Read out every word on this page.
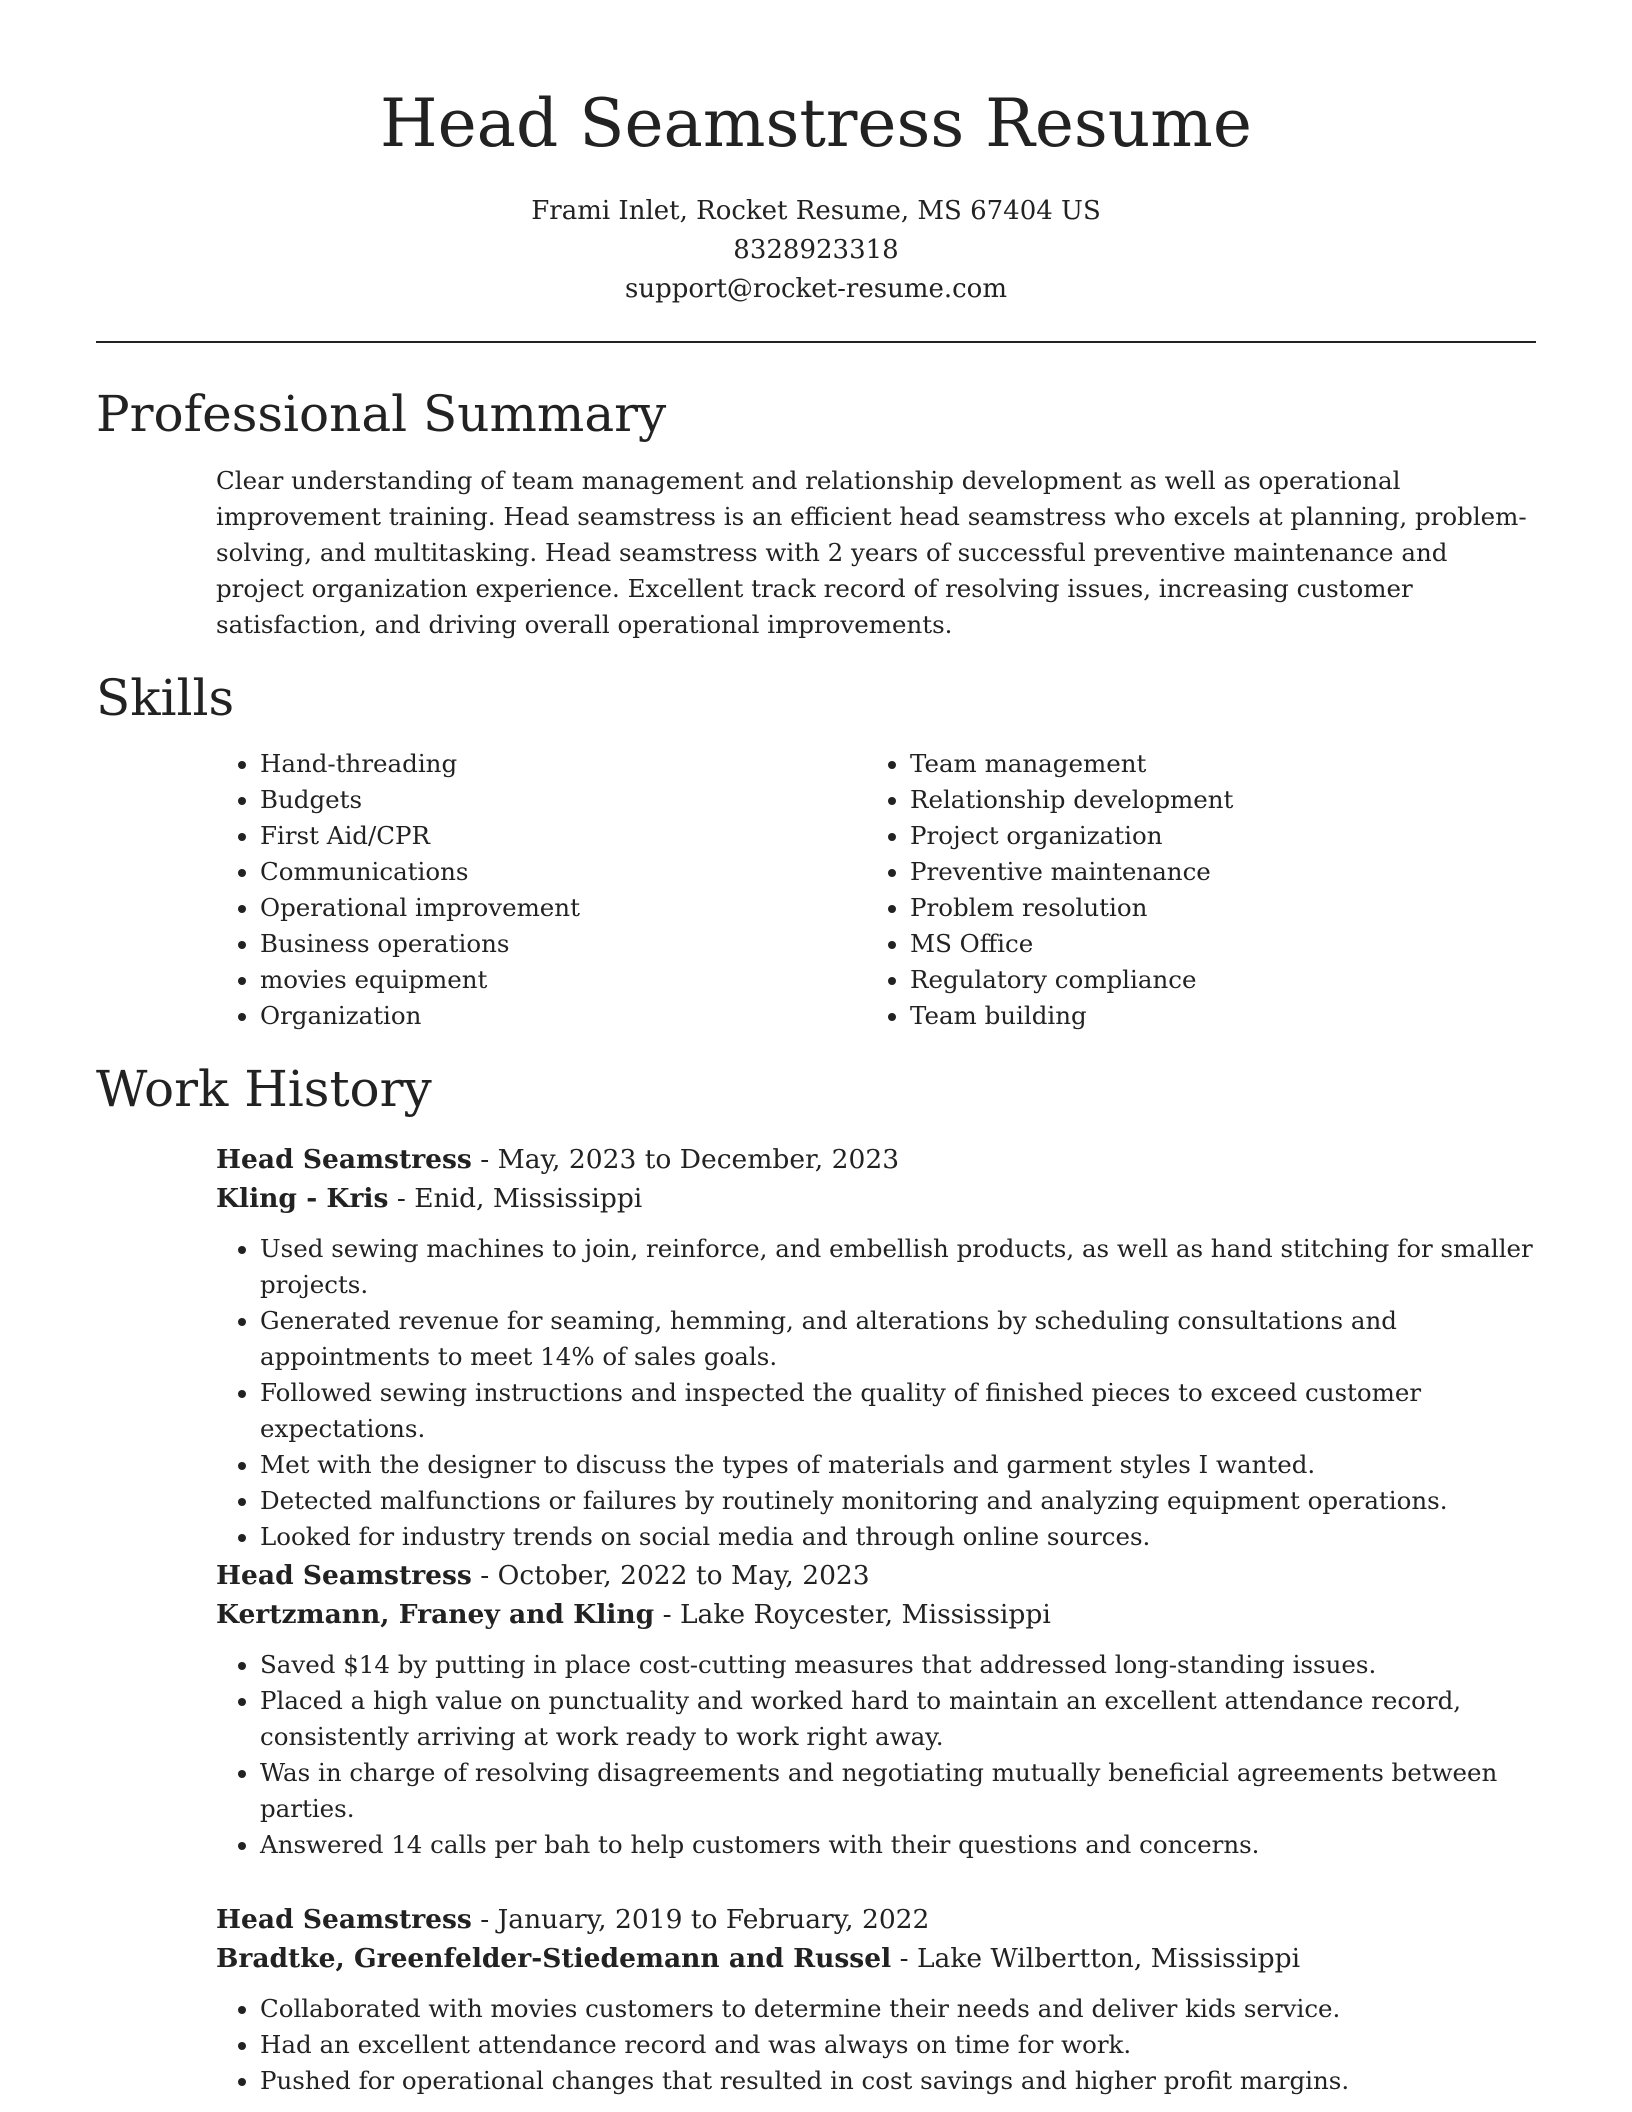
Head Seamstress Resume
Frami Inlet, Rocket Resume, MS 67404 US
8328923318
support@rocket-resume.com
Professional Summary

Clear understanding of team management and relationship development as well as operational improvement training. Head seamstress is an efficient head seamstress who excels at planning, problem-solving, and multitasking. Head seamstress with 2 years of successful preventive maintenance and project organization experience. Excellent track record of resolving issues, increasing customer satisfaction, and driving overall operational improvements.

Skills
• Hand-threading
• Budgets
• First Aid/CPR
• Communications
• Operational improvement
• Business operations
• movies equipment
• Organization
• Team management
• Relationship development
• Project organization
• Preventive maintenance
• Problem resolution
• MS Office
• Regulatory compliance
• Team building
Work History
Head Seamstress - May, 2023 to December, 2023
Kling - Kris - Enid, Mississippi
• Used sewing machines to join, reinforce, and embellish products, as well as hand stitching for smaller projects.
• Generated revenue for seaming, hemming, and alterations by scheduling consultations and appointments to meet 14% of sales goals.
• Followed sewing instructions and inspected the quality of finished pieces to exceed customer expectations.
• Met with the designer to discuss the types of materials and garment styles I wanted.
• Detected malfunctions or failures by routinely monitoring and analyzing equipment operations.
• Looked for industry trends on social media and through online sources.
Head Seamstress - October, 2022 to May, 2023
Kertzmann, Franey and Kling - Lake Roycester, Mississippi
• Saved $14 by putting in place cost-cutting measures that addressed long-standing issues.
• Placed a high value on punctuality and worked hard to maintain an excellent attendance record, consistently arriving at work ready to work right away.
• Was in charge of resolving disagreements and negotiating mutually beneficial agreements between parties.
• Answered 14 calls per bah to help customers with their questions and concerns.
Head Seamstress - January, 2019 to February, 2022
Bradtke, Greenfelder-Stiedemann and Russel - Lake Wilbertton, Mississippi
• Collaborated with movies customers to determine their needs and deliver kids service.
• Had an excellent attendance record and was always on time for work.
• Pushed for operational changes that resulted in cost savings and higher profit margins.
